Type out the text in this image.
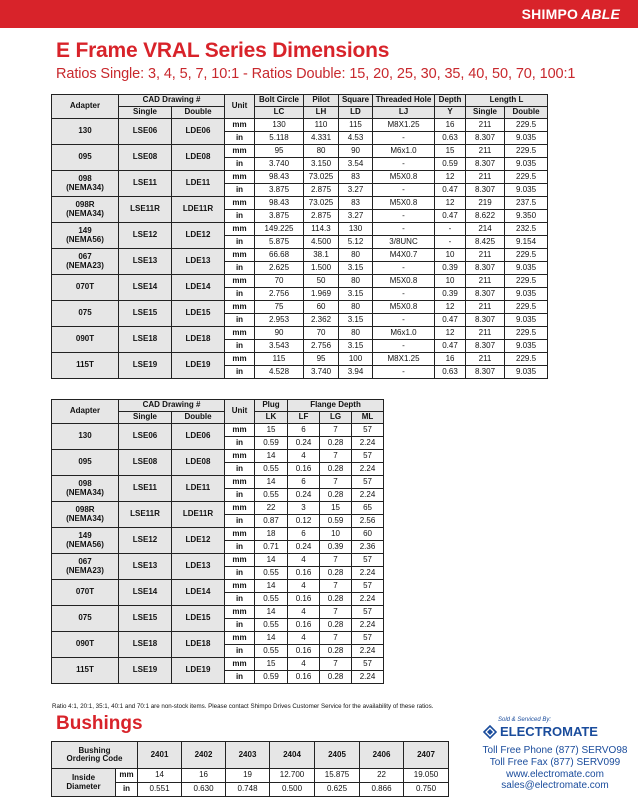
SHIMPO ABLE
E Frame VRAL Series Dimensions
Ratios Single: 3, 4, 5, 7, 10:1 - Ratios Double: 15, 20, 25, 30, 35, 40, 50, 70, 100:1
Adapter	CAD Drawing #		Unit	Bolt Circle	Pilot	Square	Threaded Hole	Depth	Length L	
	Single	Double		LC	LH	LD	LJ	Y	Single	Double
130	LSE06	LDE06	mm	130	110	115	M8X1.25	16	211	229.5
			in	5.118	4.331	4.53	-	0.63	8.307	9.035
095	LSE08	LDE08	mm	95	80	90	M6x1.0	15	211	229.5
			in	3.740	3.150	3.54	-	0.59	8.307	9.035
098
(NEMA34)	LSE11	LDE11	mm	98.43	73.025	83	M5X0.8	12	211	229.5
			in	3.875	2.875	3.27	-	0.47	8.307	9.035
098R
(NEMA34)	LSE11R	LDE11R	mm	98.43	73.025	83	M5X0.8	12	219	237.5
			in	3.875	2.875	3.27	-	0.47	8.622	9.350
149
(NEMA56)	LSE12	LDE12	mm	149.225	114.3	130	-	-	214	232.5
			in	5.875	4.500	5.12	3/8UNC	-	8.425	9.154
067
(NEMA23)	LSE13	LDE13	mm	66.68	38.1	80	M4X0.7	10	211	229.5
			in	2.625	1.500	3.15	-	0.39	8.307	9.035
070T	LSE14	LDE14	mm	70	50	80	M5X0.8	10	211	229.5
			in	2.756	1.969	3.15	-	0.39	8.307	9.035
075	LSE15	LDE15	mm	75	60	80	M5X0.8	12	211	229.5
			in	2.953	2.362	3.15	-	0.47	8.307	9.035
090T	LSE18	LDE18	mm	90	70	80	M6x1.0	12	211	229.5
			in	3.543	2.756	3.15	-	0.47	8.307	9.035
115T	LSE19	LDE19	mm	115	95	100	M8X1.25	16	211	229.5
			in	4.528	3.740	3.94	-	0.63	8.307	9.035
Adapter	CAD Drawing #		Unit	Plug	Flange Depth		
	Single	Double		LK	LF	LG	ML
130	LSE06	LDE06	mm	15	6	7	57
			in	0.59	0.24	0.28	2.24
095	LSE08	LDE08	mm	14	4	7	57
			in	0.55	0.16	0.28	2.24
098
(NEMA34)	LSE11	LDE11	mm	14	6	7	57
			in	0.55	0.24	0.28	2.24
098R
(NEMA34)	LSE11R	LDE11R	mm	22	3	15	65
			in	0.87	0.12	0.59	2.56
149
(NEMA56)	LSE12	LDE12	mm	18	6	10	60
			in	0.71	0.24	0.39	2.36
067
(NEMA23)	LSE13	LDE13	mm	14	4	7	57
			in	0.55	0.16	0.28	2.24
070T	LSE14	LDE14	mm	14	4	7	57
			in	0.55	0.16	0.28	2.24
075	LSE15	LDE15	mm	14	4	7	57
			in	0.55	0.16	0.28	2.24
090T	LSE18	LDE18	mm	14	4	7	57
			in	0.55	0.16	0.28	2.24
115T	LSE19	LDE19	mm	15	4	7	57
			in	0.59	0.16	0.28	2.24
Ratio 4:1, 20:1, 35:1, 40:1 and 70:1 are non-stock items. Please contact Shimpo Drives Customer Service for the availability of these ratios.
Bushings
Bushing
Ordering Code		2401	2402	2403	2404	2405	2406	2407
Inside
Diameter	mm	14	16	19	12.700	15.875	22	19.050
	in	0.551	0.630	0.748	0.500	0.625	0.866	0.750
Sold & Serviced By:
ELECTROMATE
Toll Free Phone (877) SERVO98
Toll Free Fax (877) SERV099
www.electromate.com
sales@electromate.com
